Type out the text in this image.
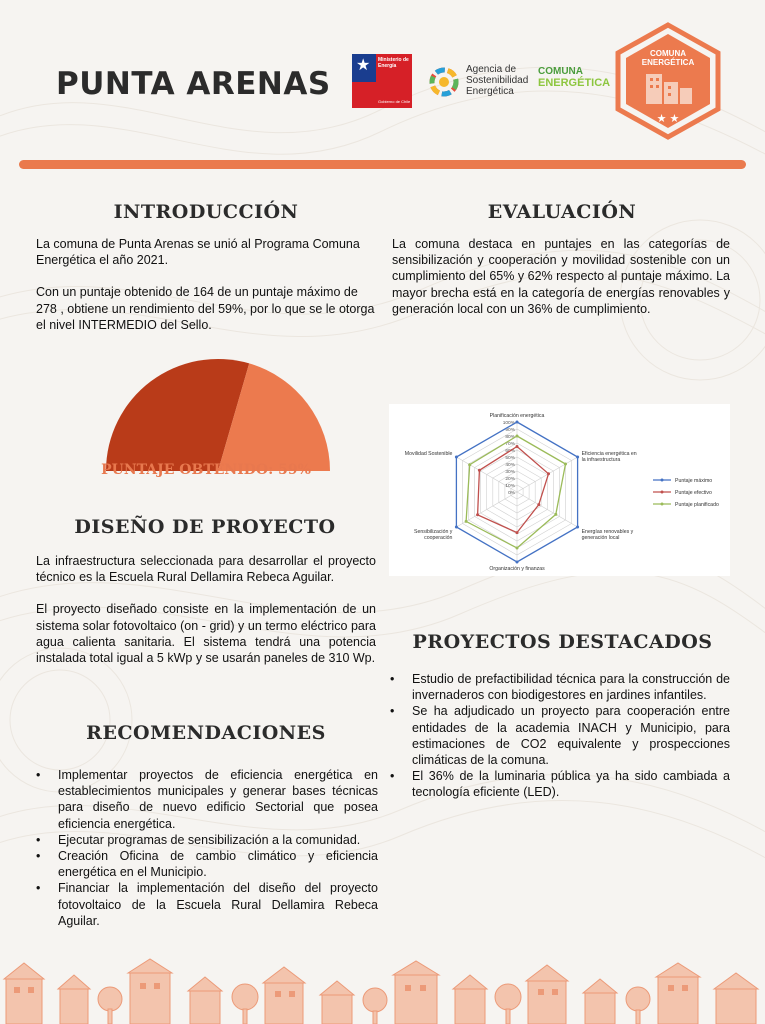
PUNTA ARENAS
★ Ministerio de
Energía
Gobierno de Chile
Agencia de
Sostenibilidad
Energética
COMUNA
ENERGÉTICA
COMUNA
ENERGÉTICA
★ ★
INTRODUCCIÓN

La comuna de Punta Arenas se unió al Programa Comuna Energética el año 2021.

Con un puntaje obtenido de 164 de un puntaje máximo de 278 , obtiene un rendimiento del 59%, por lo que se le otorga el nivel INTERMEDIO del Sello.

PUNTAJE OBTENIDO: 59%
EVALUACIÓN
La comuna destaca en puntajes en las categorías de sensibilización y cooperación y movilidad sostenible con un cumplimiento del 65% y 62% respecto al puntaje máximo. La mayor brecha está en la categoría de energías renovables y generación local con un 36% de cumplimiento.
0%
10%
20%
30%
40%
50%
60%
70%
80%
90%
100%
Planificación energética
Eficiencia energética en
la infraestructura
Energías renovables y
generación local
Organización y finanzas
Sensibilización y
cooperación
Movilidad Sostenible
Puntaje máximo
Puntaje efectivo
Puntaje planificado
DISEÑO DE PROYECTO

La infraestructura seleccionada para desarrollar el proyecto técnico es la Escuela Rural Dellamira Rebeca Aguilar.

El proyecto diseñado consiste en la implementación de un sistema solar fotovoltaico (on - grid) y un termo eléctrico para agua calienta sanitaria. El sistema tendrá una potencia instalada total igual a 5 kWp y se usarán paneles de 310 Wp.

PROYECTOS DESTACADOS
• Estudio de prefactibilidad técnica para la construcción de invernaderos con biodigestores en jardines infantiles.
• Se ha adjudicado un proyecto para cooperación entre entidades de la academia INACH y Municipio, para estimaciones de CO2 equivalente y prospecciones climáticas de la comuna.
• El 36% de la luminaria pública ya ha sido cambiada a tecnología eficiente (LED).
RECOMENDACIONES
• Implementar proyectos de eficiencia energética en establecimientos municipales y generar bases técnicas para diseño de nuevo edificio Sectorial que posea eficiencia energética.
• Ejecutar programas de sensibilización a la comunidad.
• Creación Oficina de cambio climático y eficiencia energética en el Municipio.
• Financiar la implementación del diseño del proyecto fotovoltaico de la Escuela Rural Dellamira Rebeca Aguilar.
